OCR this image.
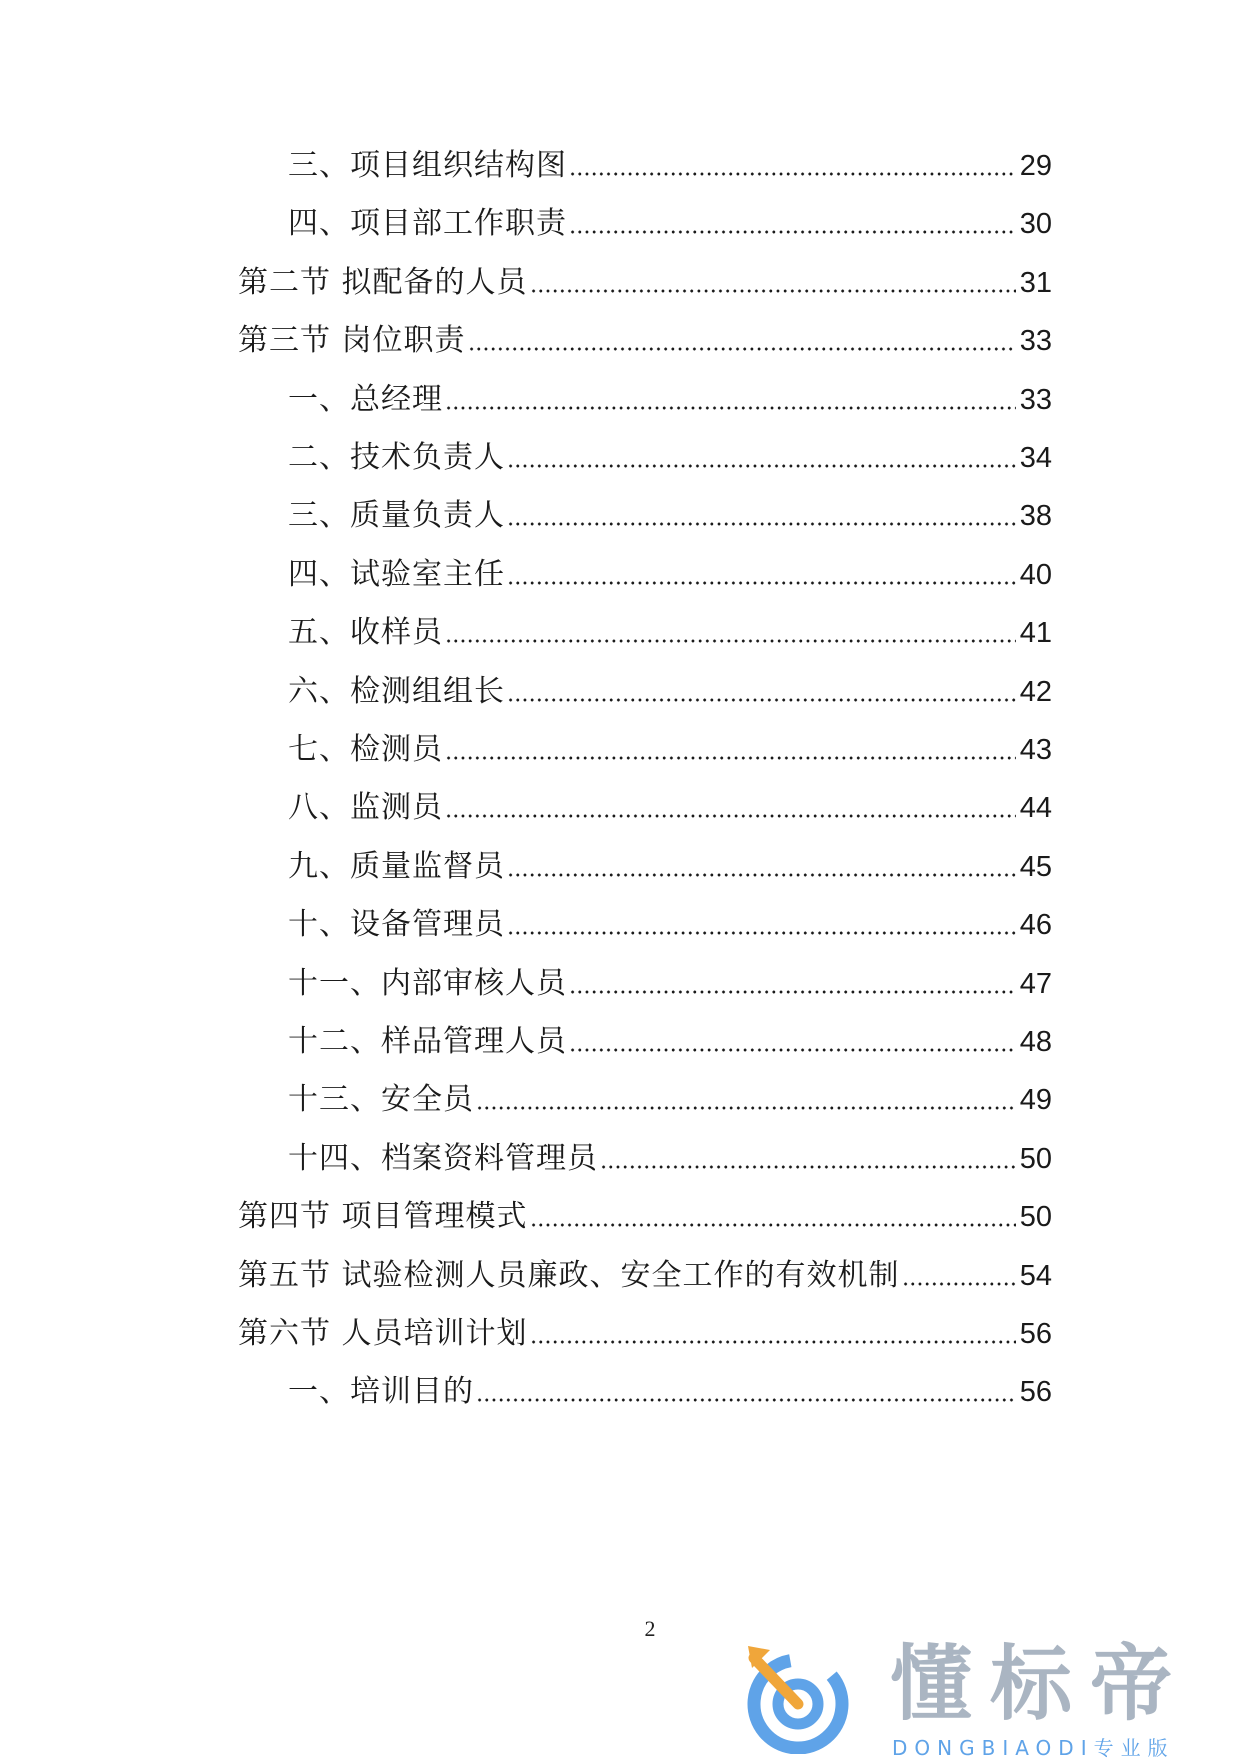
三、项目组织结构图	29
四、项目部工作职责	30
第二节 拟配备的人员	31
第三节 岗位职责	33
一、总经理	33
二、技术负责人	34
三、质量负责人	38
四、试验室主任	40
五、收样员	41
六、检测组组长	42
七、检测员	43
八、监测员	44
九、质量监督员	45
十、设备管理员	46
十一、内部审核人员	47
十二、样品管理人员	48
十三、安全员	49
十四、档案资料管理员	50
第四节 项目管理模式	50
第五节 试验检测人员廉政、安全工作的有效机制	54
第六节 人员培训计划	56
一、培训目的	56
2
懂标帝
DONGBIAODI专业版
